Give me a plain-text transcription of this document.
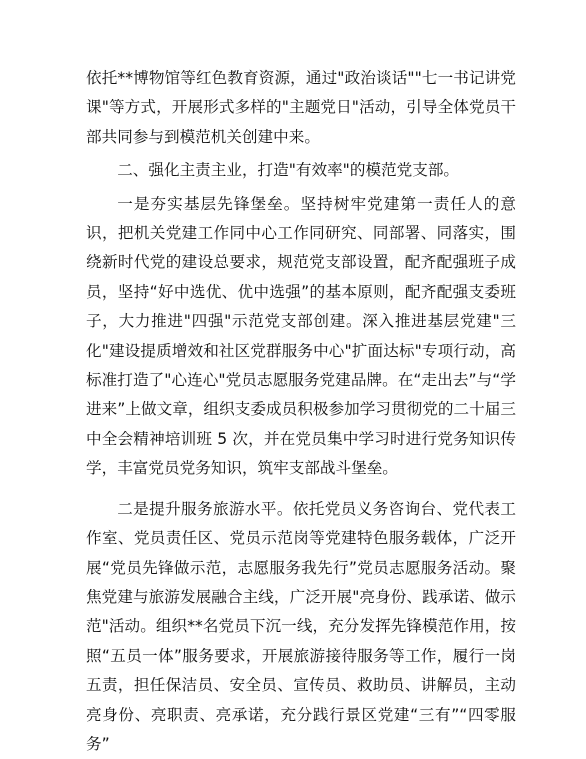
依托**博物馆等红色教育资源，通过"政治谈话""七一书记讲党课"等方式，开展形式多样的"主题党日"活动，引导全体党员干部共同参与到模范机关创建中来。

二、强化主责主业，打造"有效率"的模范党支部。

一是夯实基层先锋堡垒。坚持树牢党建第一责任人的意识，把机关党建工作同中心工作同研究、同部署、同落实，围绕新时代党的建设总要求，规范党支部设置，配齐配强班子成员，坚持“好中选优、优中选强”的基本原则，配齐配强支委班子，大力推进"四强"示范党支部创建。深入推进基层党建"三化"建设提质增效和社区党群服务中心"扩面达标"专项行动，高标准打造了"心连心"党员志愿服务党建品牌。在“走出去”与“学进来”上做文章，组织支委成员积极参加学习贯彻党的二十届三中全会精神培训班 5 次，并在党员集中学习时进行党务知识传学，丰富党员党务知识，筑牢支部战斗堡垒。

二是提升服务旅游水平。依托党员义务咨询台、党代表工作室、党员责任区、党员示范岗等党建特色服务载体，广泛开展“党员先锋做示范，志愿服务我先行”党员志愿服务活动。聚焦党建与旅游发展融合主线，广泛开展"亮身份、践承诺、做示范"活动。组织**名党员下沉一线，充分发挥先锋模范作用，按照“五员一体”服务要求，开展旅游接待服务等工作，履行一岗五责，担任保洁员、安全员、宣传员、救助员、讲解员，主动亮身份、亮职责、亮承诺，充分践行景区党建“三有”“四零服务”
